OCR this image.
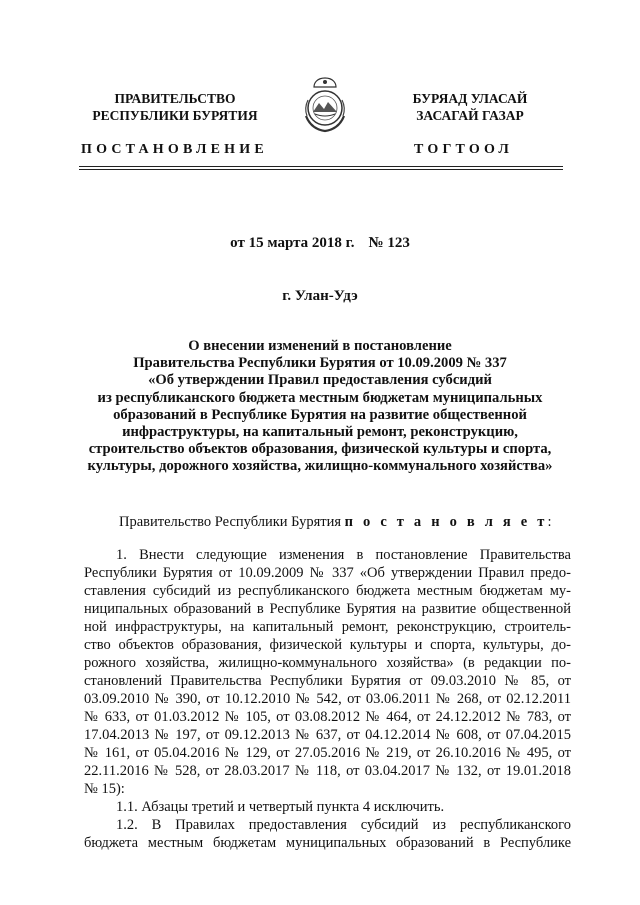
ПРАВИТЕЛЬСТВО
РЕСПУБЛИКИ БУРЯТИЯ
БУРЯАД УЛАСАЙ
ЗАСАГАЙ ГАЗАР
ПОСТАНОВЛЕНИЕ	ТОГТООЛ
от 15 марта 2018 г. № 123
г. Улан-Удэ
О внесении изменений в постановление
Правительства Республики Бурятия от 10.09.2009 № 337
«Об утверждении Правил предоставления субсидий
из республиканского бюджета местным бюджетам муниципальных
образований в Республике Бурятия на развитие общественной
инфраструктуры, на капитальный ремонт, реконструкцию,
строительство объектов образования, физической культуры и спорта,
культуры, дорожного хозяйства, жилищно-коммунального хозяйства»
Правительство Республики Бурятия п о с т а н о в л я е т:
1. Внести следующие изменения в постановление Правительства
Республики Бурятия от 10.09.2009 № 337 «Об утверждении Правил предо-
ставления субсидий из республиканского бюджета местным бюджетам му-
ниципальных образований в Республике Бурятия на развитие общественной
ной инфраструктуры, на капитальный ремонт, реконструкцию, строитель-
ство объектов образования, физической культуры и спорта, культуры, до-
рожного хозяйства, жилищно-коммунального хозяйства» (в редакции по-
становлений Правительства Республики Бурятия от 09.03.2010 № 85, от
03.09.2010 № 390, от 10.12.2010 № 542, от 03.06.2011 № 268, от 02.12.2011
№ 633, от 01.03.2012 № 105, от 03.08.2012 № 464, от 24.12.2012 № 783, от
17.04.2013 № 197, от 09.12.2013 № 637, от 04.12.2014 № 608, от 07.04.2015
№ 161, от 05.04.2016 № 129, от 27.05.2016 № 219, от 26.10.2016 № 495, от
22.11.2016 № 528, от 28.03.2017 № 118, от 03.04.2017 № 132, от 19.01.2018
№ 15):
1.1. Абзацы третий и четвертый пункта 4 исключить.
1.2. В Правилах предоставления субсидий из республиканского
бюджета местным бюджетам муниципальных образований в Республике
